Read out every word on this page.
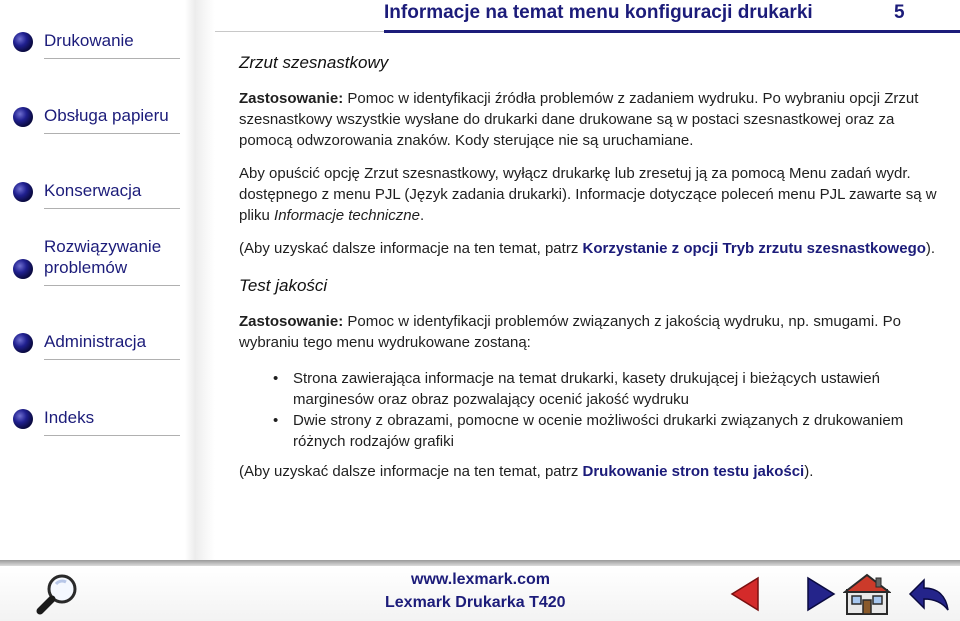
Drukowanie
Obsługa papieru
Konserwacja
Rozwiązywanie problemów
Administracja
Indeks
Informacje na temat menu konfiguracji drukarki	5
Zrzut szesnastkowy
Zastosowanie: Pomoc w identyfikacji źródła problemów z zadaniem wydruku. Po wybraniu opcji Zrzut szesnastkowy wszystkie wysłane do drukarki dane drukowane są w postaci szesnastkowej oraz za pomocą odwzorowania znaków. Kody sterujące nie są uruchamiane.
Aby opuścić opcję Zrzut szesnastkowy, wyłącz drukarkę lub zresetuj ją za pomocą Menu zadań wydr. dostępnego z menu PJL (Język zadania drukarki). Informacje dotyczące poleceń menu PJL zawarte są w pliku Informacje techniczne.
(Aby uzyskać dalsze informacje na ten temat, patrz Korzystanie z opcji Tryb zrzutu szesnastkowego).
Test jakości
Zastosowanie: Pomoc w identyfikacji problemów związanych z jakością wydruku, np. smugami. Po wybraniu tego menu wydrukowane zostaną:
• Strona zawierająca informacje na temat drukarki, kasety drukującej i bieżących ustawień marginesów oraz obraz pozwalający ocenić jakość wydruku
• Dwie strony z obrazami, pomocne w ocenie możliwości drukarki związanych z drukowaniem różnych rodzajów grafiki
(Aby uzyskać dalsze informacje na ten temat, patrz Drukowanie stron testu jakości).
www.lexmark.com
Lexmark Drukarka T420
